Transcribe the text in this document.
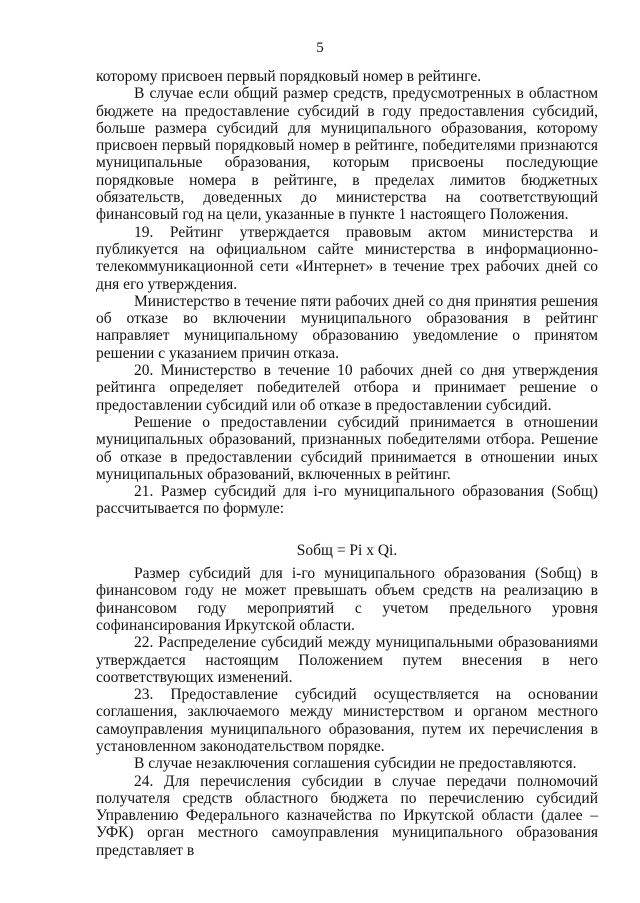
5

которому присвоен первый порядковый номер в рейтинге.

В случае если общий размер средств, предусмотренных в областном бюджете на предоставление субсидий в году предоставления субсидий, больше размера субсидий для муниципального образования, которому присвоен первый порядковый номер в рейтинге, победителями признаются муниципальные образования, которым присвоены последующие порядковые номера в рейтинге, в пределах лимитов бюджетных обязательств, доведенных до министерства на соответствующий финансовый год на цели, указанные в пункте 1 настоящего Положения.

19. Рейтинг утверждается правовым актом министерства и публикуется на официальном сайте министерства в информационно-телекоммуникационной сети «Интернет» в течение трех рабочих дней со дня его утверждения.

Министерство в течение пяти рабочих дней со дня принятия решения об отказе во включении муниципального образования в рейтинг направляет муниципальному образованию уведомление о принятом решении с указанием причин отказа.

20. Министерство в течение 10 рабочих дней со дня утверждения рейтинга определяет победителей отбора и принимает решение о предоставлении субсидий или об отказе в предоставлении субсидий.

Решение о предоставлении субсидий принимается в отношении муниципальных образований, признанных победителями отбора. Решение об отказе в предоставлении субсидий принимается в отношении иных муниципальных образований, включенных в рейтинг.

21. Размер субсидий для i-го муниципального образования (Sобщ) рассчитывается по формуле:

Sобщ = Pi x Qi.

Размер субсидий для i-го муниципального образования (Sобщ) в финансовом году не может превышать объем средств на реализацию в финансовом году мероприятий с учетом предельного уровня софинансирования Иркутской области.

22. Распределение субсидий между муниципальными образованиями утверждается настоящим Положением путем внесения в него соответствующих изменений.

23. Предоставление субсидий осуществляется на основании соглашения, заключаемого между министерством и органом местного самоуправления муниципального образования, путем их перечисления в установленном законодательством порядке.

В случае незаключения соглашения субсидии не предоставляются.

24. Для перечисления субсидии в случае передачи полномочий получателя средств областного бюджета по перечислению субсидий Управлению Федерального казначейства по Иркутской области (далее – УФК) орган местного самоуправления муниципального образования представляет в
